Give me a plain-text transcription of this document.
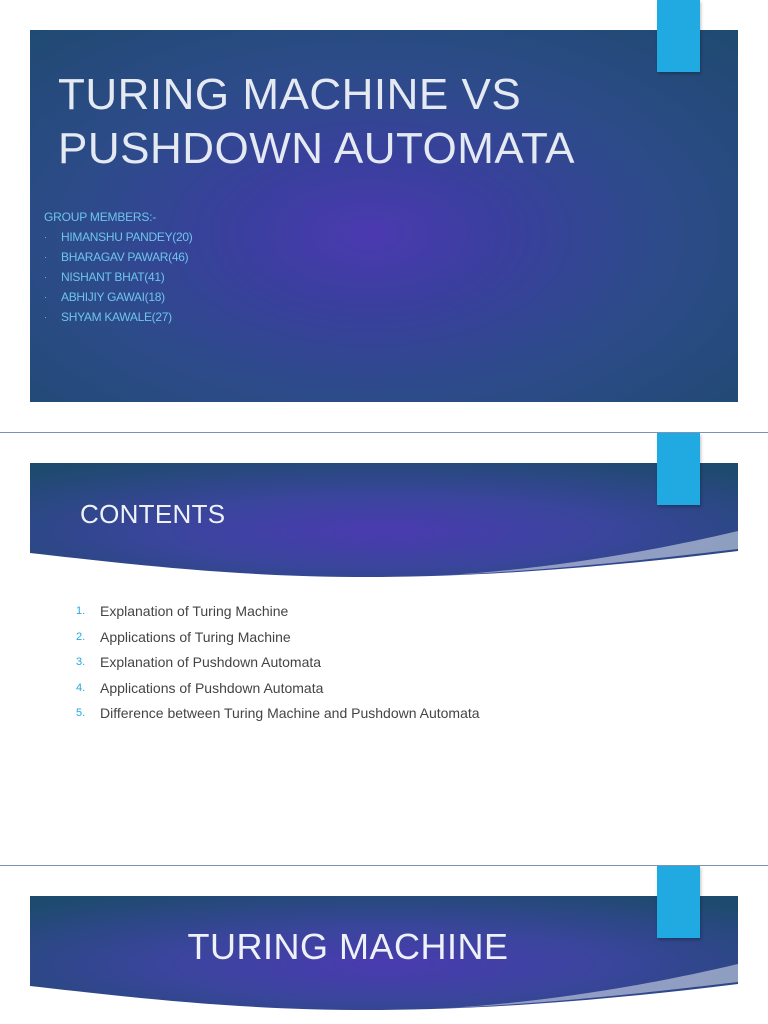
TURING MACHINE VS
PUSHDOWN AUTOMATA
GROUP MEMBERS:-
· HIMANSHU PANDEY(20)
· BHARAGAV PAWAR(46)
· NISHANT BHAT(41)
· ABHIJIY GAWAI(18)
· SHYAM KAWALE(27)
CONTENTS
1. Explanation of Turing Machine
2. Applications of Turing Machine
3. Explanation of Pushdown Automata
4. Applications of Pushdown Automata
5. Difference between Turing Machine and Pushdown Automata
TURING MACHINE
